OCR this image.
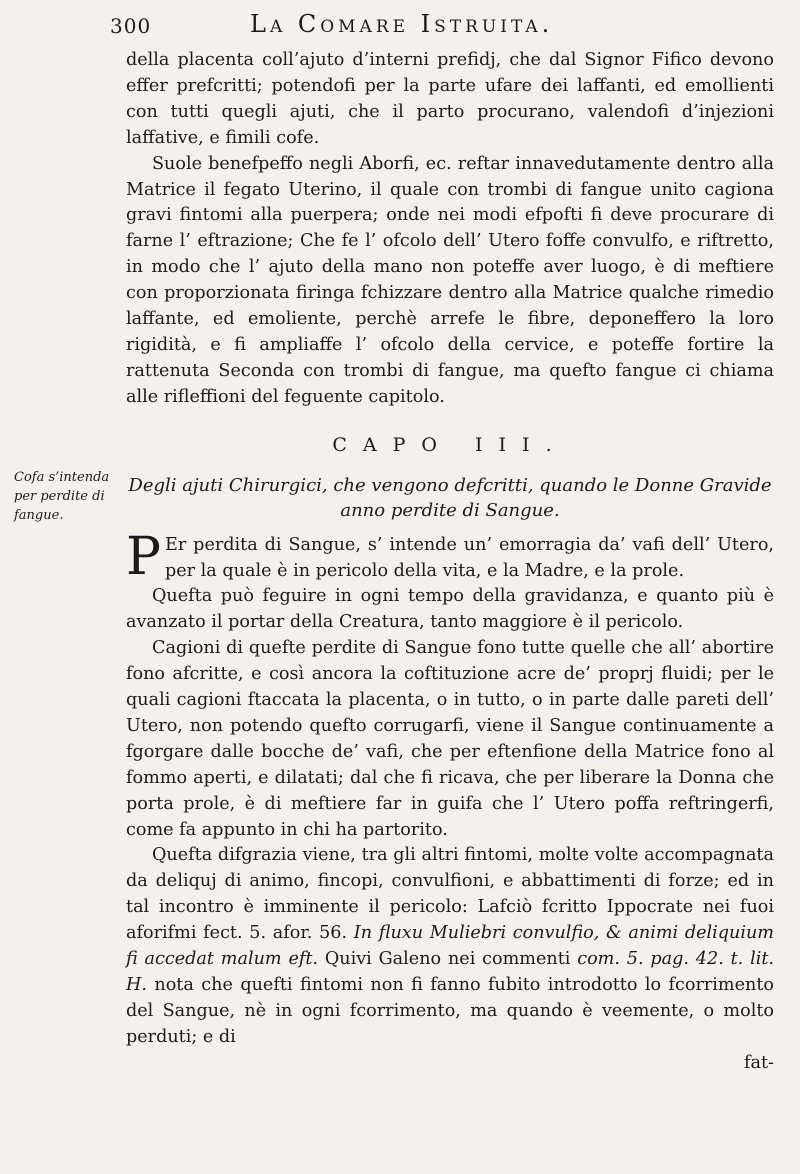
300	La Comare Istruita.
Cofa s’intenda per perdite di fangue.

della placenta coll’ajuto d’interni prefidj, che dal Signor Fifico devono effer prefcritti; potendofi per la parte ufare dei laffanti, ed emollienti con tutti quegli ajuti, che il parto procurano, valendofi d’injezioni laffative, e fimili cofe.

Suole benefpeffo negli Aborfi, ec. reftar innavedutamente dentro alla Matrice il fegato Uterino, il quale con trombi di fangue unito cagiona gravi fintomi alla puerpera; onde nei modi efpofti fi deve procurare di farne l’ eftrazione; Che fe l’ ofcolo dell’ Utero foffe convulfo, e riftretto, in modo che l’ ajuto della mano non poteffe aver luogo, è di meftiere con proporzionata firinga fchizzare dentro alla Matrice qualche rimedio laffante, ed emoliente, perchè arrefe le fibre, deponeffero la loro rigidità, e fi ampliaffe l’ ofcolo della cervice, e poteffe fortire la rattenuta Seconda con trombi di fangue, ma quefto fangue ci chiama alle rifleffioni del feguente capitolo.

CAPO III.
Degli ajuti Chirurgici, che vengono defcritti, quando le Donne Gravide anno perdite di Sangue.

P Er perdita di Sangue, s’ intende un’ emorragia da’ vafi dell’ Utero, per la quale è in pericolo della vita, e la Madre, e la prole.

Quefta può feguire in ogni tempo della gravidanza, e quanto più è avanzato il portar della Creatura, tanto maggiore è il pericolo.

Cagioni di quefte perdite di Sangue fono tutte quelle che all’ abortire fono afcritte, e così ancora la coftituzione acre de’ proprj fluidi; per le quali cagioni ftaccata la placenta, o in tutto, o in parte dalle pareti dell’ Utero, non potendo quefto corrugarfi, viene il Sangue continuamente a fgorgare dalle bocche de’ vafi, che per eftenfione della Matrice fono al fommo aperti, e dilatati; dal che fi ricava, che per liberare la Donna che porta prole, è di meftiere far in guifa che l’ Utero poffa reftringerfi, come fa appunto in chi ha partorito.

Quefta difgrazia viene, tra gli altri fintomi, molte volte accompagnata da deliquj di animo, fincopi, convulfioni, e abbattimenti di forze; ed in tal incontro è imminente il pericolo: Lafciò fcritto Ippocrate nei fuoi aforifmi fect. 5. afor. 56. In fluxu Muliebri convulfio, & animi deliquium fi accedat malum eft. Quivi Galeno nei commenti com. 5. pag. 42. t. lit. H. nota che quefti fintomi non fi fanno fubito introdotto lo fcorrimento del Sangue, nè in ogni fcorrimento, ma quando è veemente, o molto perduti; e di

fat-
